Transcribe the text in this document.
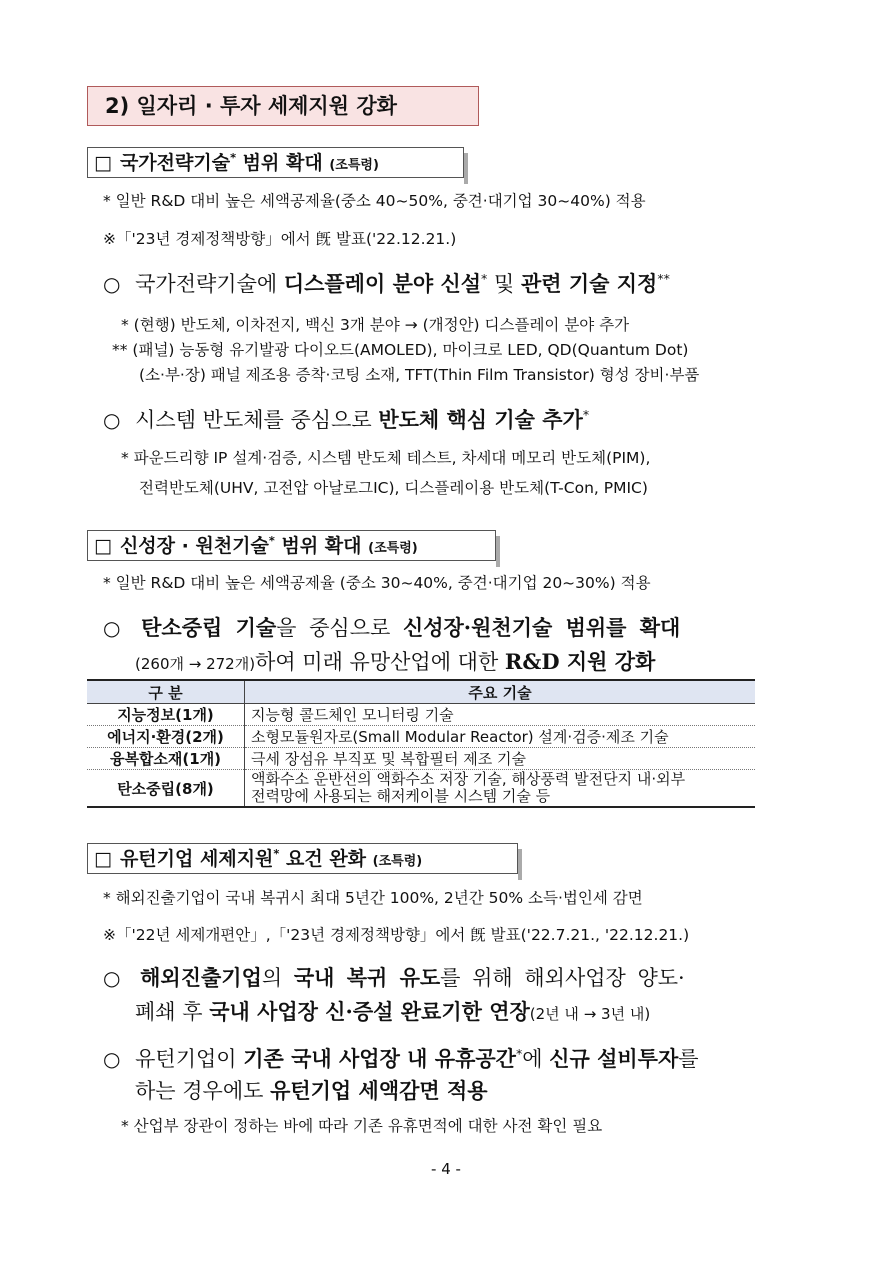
2) 일자리 · 투자 세제지원 강화
□ 국가전략기술* 범위 확대 (조특령)
* 일반 R&D 대비 높은 세액공제율(중소 40~50%, 중견·대기업 30~40%) 적용
※「'23년 경제정책방향」에서 旣 발표('22.12.21.)
○ 국가전략기술에 디스플레이 분야 신설* 및 관련 기술 지정**
* (현행) 반도체, 이차전지, 백신 3개 분야 → (개정안) 디스플레이 분야 추가
** (패널) 능동형 유기발광 다이오드(AMOLED), 마이크로 LED, QD(Quantum Dot)
(소·부·장) 패널 제조용 증착·코팅 소재, TFT(Thin Film Transistor) 형성 장비·부품
○ 시스템 반도체를 중심으로 반도체 핵심 기술 추가*
* 파운드리향 IP 설계·검증, 시스템 반도체 테스트, 차세대 메모리 반도체(PIM),
전력반도체(UHV, 고전압 아날로그IC), 디스플레이용 반도체(T-Con, PMIC)
□ 신성장 · 원천기술* 범위 확대 (조특령)
* 일반 R&D 대비 높은 세액공제율 (중소 30~40%, 중견·대기업 20~30%) 적용
○ 탄소중립 기술을 중심으로 신성장·원천기술 범위를 확대
(260개 → 272개)하여 미래 유망산업에 대한 R&D 지원 강화
구 분	주요 기술
지능정보(1개)	지능형 콜드체인 모니터링 기술
에너지·환경(2개)	소형모듈원자로(Small Modular Reactor) 설계·검증·제조 기술
융복합소재(1개)	극세 장섬유 부직포 및 복합필터 제조 기술
탄소중립(8개)	액화수소 운반선의 액화수소 저장 기술, 해상풍력 발전단지 내·외부
전력망에 사용되는 해저케이블 시스템 기술 등
□ 유턴기업 세제지원* 요건 완화 (조특령)
* 해외진출기업이 국내 복귀시 최대 5년간 100%, 2년간 50% 소득·법인세 감면
※「'22년 세제개편안」,「'23년 경제정책방향」에서 旣 발표('22.7.21., '22.12.21.)
○ 해외진출기업의 국내 복귀 유도를 위해 해외사업장 양도·
폐쇄 후 국내 사업장 신·증설 완료기한 연장(2년 내 → 3년 내)
○ 유턴기업이 기존 국내 사업장 내 유휴공간*에 신규 설비투자를
하는 경우에도 유턴기업 세액감면 적용
* 산업부 장관이 정하는 바에 따라 기존 유휴면적에 대한 사전 확인 필요
- 4 -
